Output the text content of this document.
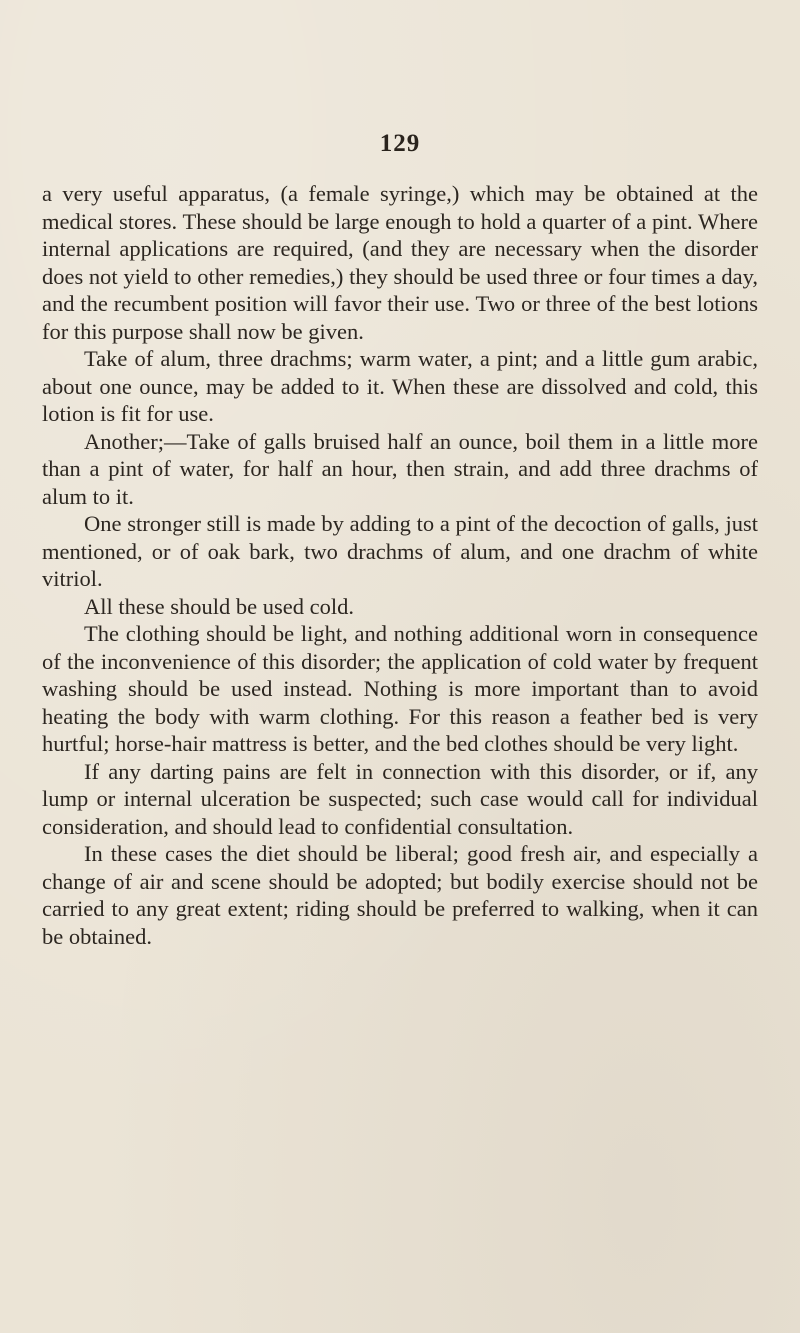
129

a very useful apparatus, (a female syringe,) which may be obtained at the medical stores. These should be large enough to hold a quarter of a pint. Where internal applications are required, (and they are necessary when the disorder does not yield to other remedies,) they should be used three or four times a day, and the recumbent position will favor their use. Two or three of the best lotions for this purpose shall now be given.

Take of alum, three drachms; warm water, a pint; and a little gum arabic, about one ounce, may be added to it. When these are dissolved and cold, this lotion is fit for use.

Another;—Take of galls bruised half an ounce, boil them in a little more than a pint of water, for half an hour, then strain, and add three drachms of alum to it.

One stronger still is made by adding to a pint of the decoction of galls, just mentioned, or of oak bark, two drachms of alum, and one drachm of white vitriol.

All these should be used cold.

The clothing should be light, and nothing additional worn in consequence of the inconvenience of this disorder; the application of cold water by frequent washing should be used instead. Nothing is more important than to avoid heating the body with warm clothing. For this reason a feather bed is very hurtful; horse-hair mattress is better, and the bed clothes should be very light.

If any darting pains are felt in connection with this disorder, or if, any lump or internal ulceration be suspected; such case would call for individual consideration, and should lead to confidential consultation.

In these cases the diet should be liberal; good fresh air, and especially a change of air and scene should be adopted; but bodily exercise should not be carried to any great extent; riding should be preferred to walking, when it can be obtained.
